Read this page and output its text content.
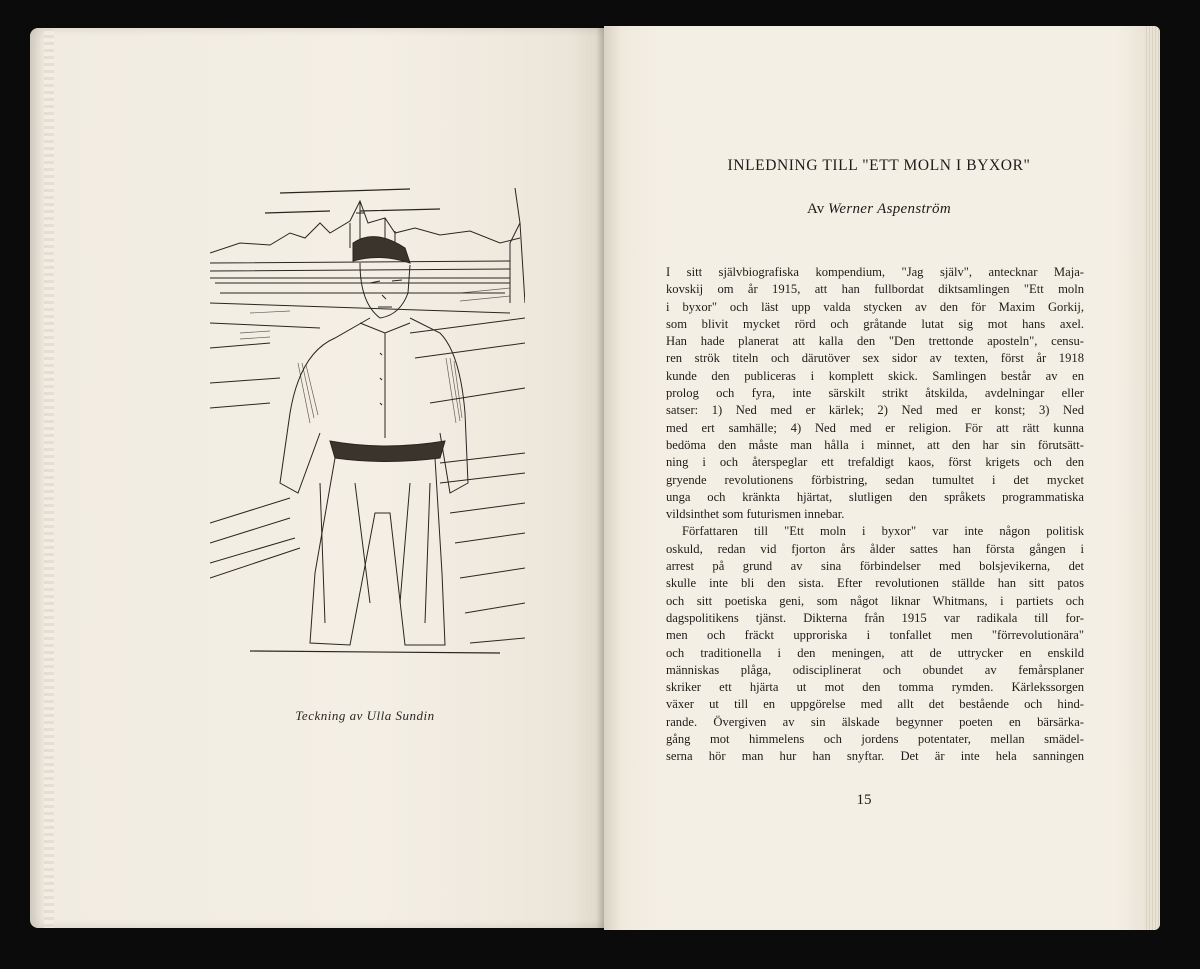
Teckning av Ulla Sundin
INLEDNING TILL "ETT MOLN I BYXOR"
Av Werner Aspenström

I sitt självbiografiska kompendium, "Jag själv", antecknar Maja-
kovskij om år 1915, att han fullbordat diktsamlingen "Ett moln
i byxor" och läst upp valda stycken av den för Maxim Gorkij,
som blivit mycket rörd och gråtande lutat sig mot hans axel.
Han hade planerat att kalla den "Den trettonde aposteln", censu-
ren strök titeln och därutöver sex sidor av texten, först år 1918
kunde den publiceras i komplett skick. Samlingen består av en
prolog och fyra, inte särskilt strikt åtskilda, avdelningar eller
satser: 1) Ned med er kärlek; 2) Ned med er konst; 3) Ned
med ert samhälle; 4) Ned med er religion. För att rätt kunna
bedöma den måste man hålla i minnet, att den har sin förutsätt-
ning i och återspeglar ett trefaldigt kaos, först krigets och den
gryende revolutionens förbistring, sedan tumultet i det mycket
unga och kränkta hjärtat, slutligen den språkets programmatiska
vildsinthet som futurismen innebar.

Författaren till "Ett moln i byxor" var inte någon politisk
oskuld, redan vid fjorton års ålder sattes han första gången i
arrest på grund av sina förbindelser med bolsjevikerna, det
skulle inte bli den sista. Efter revolutionen ställde han sitt patos
och sitt poetiska geni, som något liknar Whitmans, i partiets och
dagspolitikens tjänst. Dikterna från 1915 var radikala till for-
men och fräckt upproriska i tonfallet men "förrevolutionära"
och traditionella i den meningen, att de uttrycker en enskild
människas plåga, odisciplinerat och obundet av femårsplaner
skriker ett hjärta ut mot den tomma rymden. Kärlekssorgen
växer ut till en uppgörelse med allt det bestående och hind-
rande. Övergiven av sin älskade begynner poeten en bärsärka-
gång mot himmelens och jordens potentater, mellan smädel-
serna hör man hur han snyftar. Det är inte hela sanningen

15
